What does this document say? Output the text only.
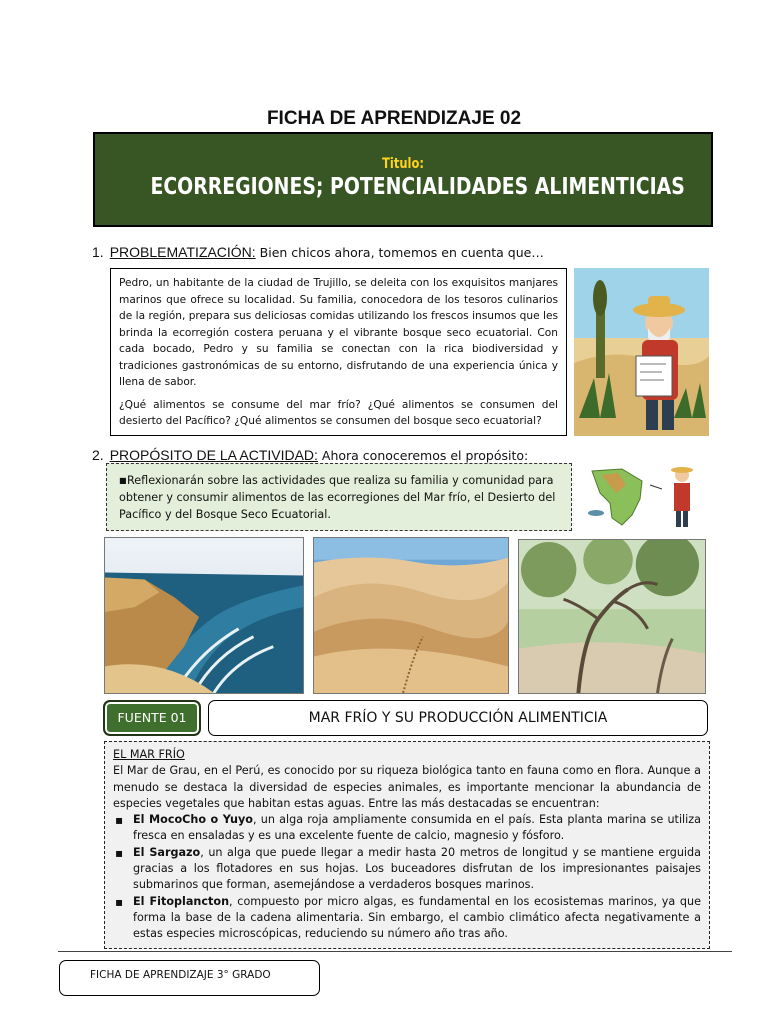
FICHA DE APRENDIZAJE 02
Titulo:
ECORREGIONES; POTENCIALIDADES ALIMENTICIAS
1. PROBLEMATIZACIÓN: Bien chicos ahora, tomemos en cuenta que…

Pedro, un habitante de la ciudad de Trujillo, se deleita con los exquisitos manjares marinos que ofrece su localidad. Su familia, conocedora de los tesoros culinarios de la región, prepara sus deliciosas comidas utilizando los frescos insumos que les brinda la ecorregión costera peruana y el vibrante bosque seco ecuatorial. Con cada bocado, Pedro y su familia se conectan con la rica biodiversidad y tradiciones gastronómicas de su entorno, disfrutando de una experiencia única y llena de sabor.

¿Qué alimentos se consume del mar frío? ¿Qué alimentos se consumen del desierto del Pacífico? ¿Qué alimentos se consumen del bosque seco ecuatorial?

2. PROPÓSITO DE LA ACTIVIDAD: Ahora conoceremos el propósito:
■Reflexionarán sobre las actividades que realiza su familia y comunidad para obtener y consumir alimentos de las ecorregiones del Mar frío, el Desierto del Pacífico y del Bosque Seco Ecuatorial.
FUENTE 01	MAR FRÍO Y SU PRODUCCIÓN ALIMENTICIA
EL MAR FRÍO
El Mar de Grau, en el Perú, es conocido por su riqueza biológica tanto en fauna como en flora. Aunque a menudo se destaca la diversidad de especies animales, es importante mencionar la abundancia de especies vegetales que habitan estas aguas. Entre las más destacadas se encuentran:
▪ El MocoCho o Yuyo, un alga roja ampliamente consumida en el país. Esta planta marina se utiliza fresca en ensaladas y es una excelente fuente de calcio, magnesio y fósforo.
▪ El Sargazo, un alga que puede llegar a medir hasta 20 metros de longitud y se mantiene erguida gracias a los flotadores en sus hojas. Los buceadores disfrutan de los impresionantes paisajes submarinos que forman, asemejándose a verdaderos bosques marinos.
▪ El Fitoplancton, compuesto por micro algas, es fundamental en los ecosistemas marinos, ya que forma la base de la cadena alimentaria. Sin embargo, el cambio climático afecta negativamente a estas especies microscópicas, reduciendo su número año tras año.
FICHA DE APRENDIZAJE 3° GRADO
